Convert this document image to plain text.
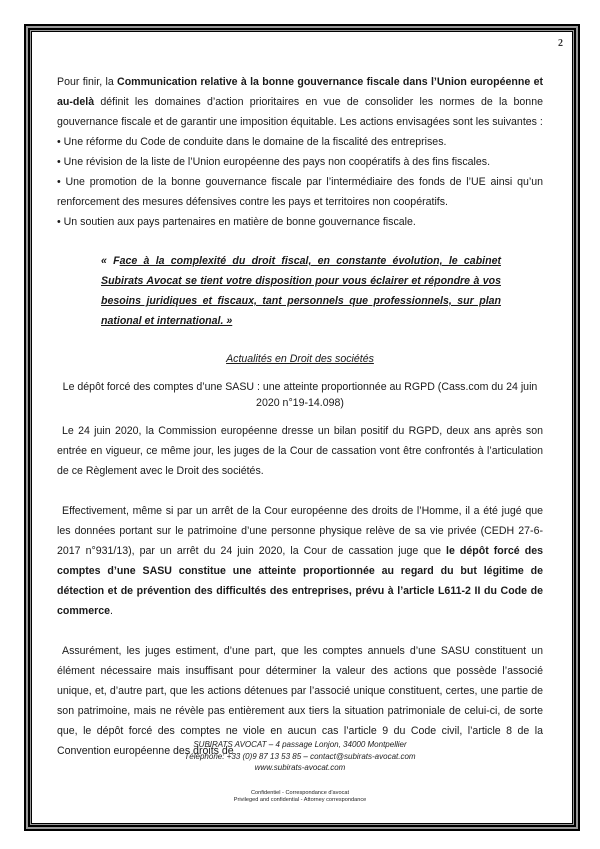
2

Pour finir, la Communication relative à la bonne gouvernance fiscale dans l’Union européenne et au-delà définit les domaines d’action prioritaires en vue de consolider les normes de la bonne gouvernance fiscale et de garantir une imposition équitable. Les actions envisagées sont les suivantes :

• Une réforme du Code de conduite dans le domaine de la fiscalité des entreprises.

• Une révision de la liste de l’Union européenne des pays non coopératifs à des fins fiscales.

• Une promotion de la bonne gouvernance fiscale par l’intermédiaire des fonds de l’UE ainsi qu’un renforcement des mesures défensives contre les pays et territoires non coopératifs.

• Un soutien aux pays partenaires en matière de bonne gouvernance fiscale.

« Face à la complexité du droit fiscal, en constante évolution, le cabinet Subirats Avocat se tient votre disposition pour vous éclairer et répondre à vos besoins juridiques et fiscaux, tant personnels que professionnels, sur plan national et international. »

Actualités en Droit des sociétés
Le dépôt forcé des comptes d’une SASU : une atteinte proportionnée au RGPD (Cass.com du 24 juin 2020 n°19-14.098)

Le 24 juin 2020, la Commission européenne dresse un bilan positif du RGPD, deux ans après son entrée en vigueur, ce même jour, les juges de la Cour de cassation vont être confrontés à l’articulation de ce Règlement avec le Droit des sociétés.

Effectivement, même si par un arrêt de la Cour européenne des droits de l’Homme, il a été jugé que les données portant sur le patrimoine d’une personne physique relève de sa vie privée (CEDH 27-6-2017 n°931/13), par un arrêt du 24 juin 2020, la Cour de cassation juge que le dépôt forcé des comptes d’une SASU constitue une atteinte proportionnée au regard du but légitime de détection et de prévention des difficultés des entreprises, prévu à l’article L611-2 II du Code de commerce.

Assurément, les juges estiment, d’une part, que les comptes annuels d’une SASU constituent un élément nécessaire mais insuffisant pour déterminer la valeur des actions que possède l’associé unique, et, d’autre part, que les actions détenues par l’associé unique constituent, certes, une partie de son patrimoine, mais ne révèle pas entièrement aux tiers la situation patrimoniale de celui-ci, de sorte que, le dépôt forcé des comptes ne viole en aucun cas l’article 9 du Code civil, l’article 8 de la Convention européenne des droits de

SUBIRATS AVOCAT – 4 passage Lonjon, 34000 Montpellier
Téléphone: +33 (0)9 87 13 53 85 – contact@subirats-avocat.com
www.subirats-avocat.com
Confidentiel - Correspondance d'avocat
Privileged and confidential - Attorney correspondance
